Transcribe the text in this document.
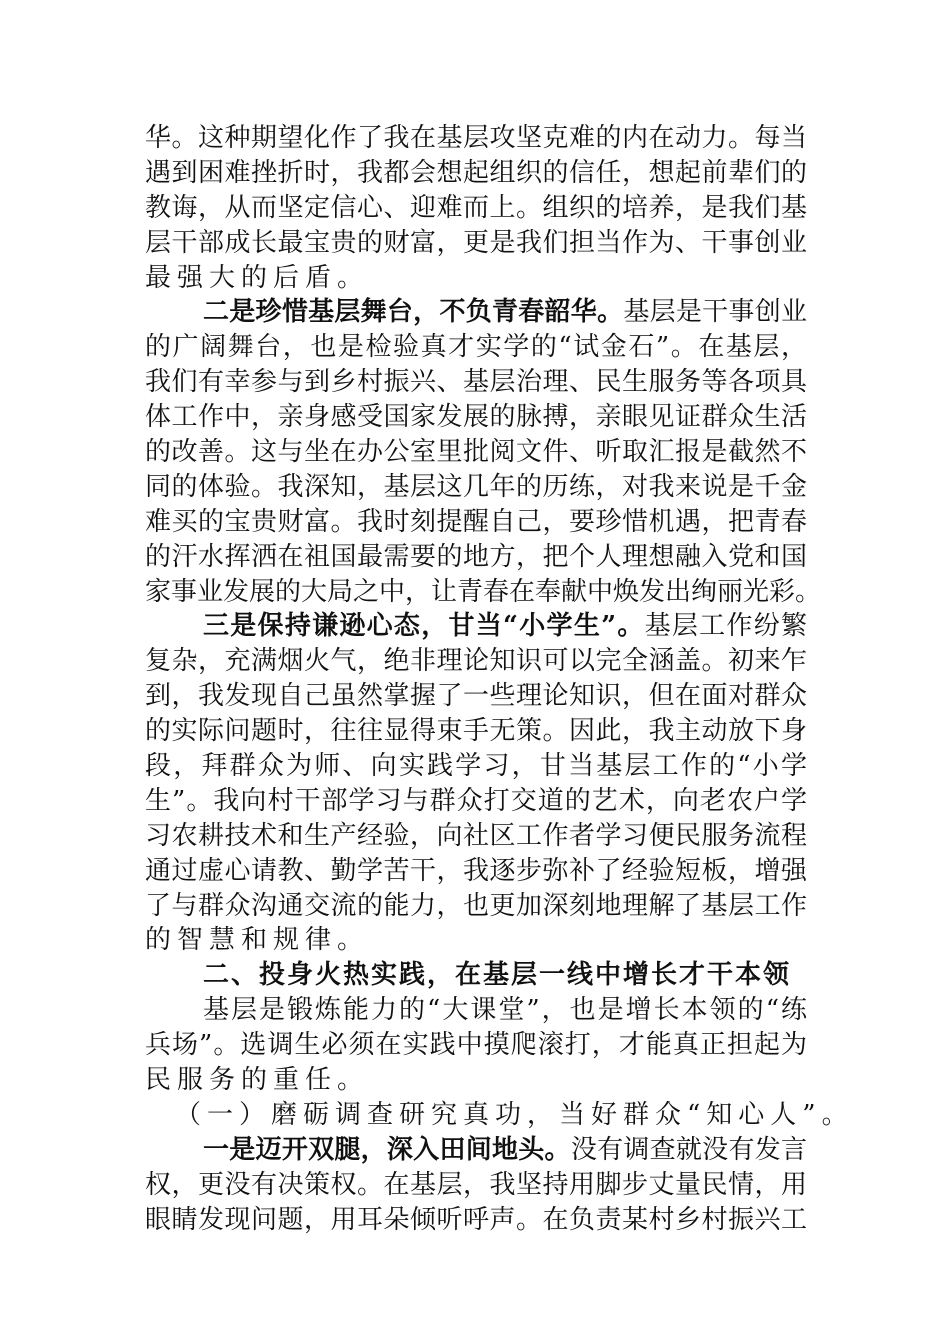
华。这种期望化作了我在基层攻坚克难的内在动力。每当
遇到困难挫折时，我都会想起组织的信任，想起前辈们的
教诲，从而坚定信心、迎难而上。组织的培养，是我们基
层干部成长最宝贵的财富，更是我们担当作为、干事创业
最强大的后盾。
二是珍惜基层舞台，不负青春韶华。基层是干事创业
的广阔舞台，也是检验真才实学的“试金石”。在基层，
我们有幸参与到乡村振兴、基层治理、民生服务等各项具
体工作中，亲身感受国家发展的脉搏，亲眼见证群众生活
的改善。这与坐在办公室里批阅文件、听取汇报是截然不
同的体验。我深知，基层这几年的历练，对我来说是千金
难买的宝贵财富。我时刻提醒自己，要珍惜机遇，把青春
的汗水挥洒在祖国最需要的地方，把个人理想融入党和国
家事业发展的大局之中，让青春在奉献中焕发出绚丽光彩。
三是保持谦逊心态，甘当“小学生”。基层工作纷繁
复杂，充满烟火气，绝非理论知识可以完全涵盖。初来乍
到，我发现自己虽然掌握了一些理论知识，但在面对群众
的实际问题时，往往显得束手无策。因此，我主动放下身
段，拜群众为师、向实践学习，甘当基层工作的“小学
生”。我向村干部学习与群众打交道的艺术，向老农户学
习农耕技术和生产经验，向社区工作者学习便民服务流程
通过虚心请教、勤学苦干，我逐步弥补了经验短板，增强
了与群众沟通交流的能力，也更加深刻地理解了基层工作
的智慧和规律。
二、投身火热实践，在基层一线中增长才干本领
基层是锻炼能力的“大课堂”，也是增长本领的“练
兵场”。选调生必须在实践中摸爬滚打，才能真正担起为
民服务的重任。
（一）磨砺调查研究真功，当好群众“知心人”。
一是迈开双腿，深入田间地头。没有调查就没有发言
权，更没有决策权。在基层，我坚持用脚步丈量民情，用
眼睛发现问题，用耳朵倾听呼声。在负责某村乡村振兴工
